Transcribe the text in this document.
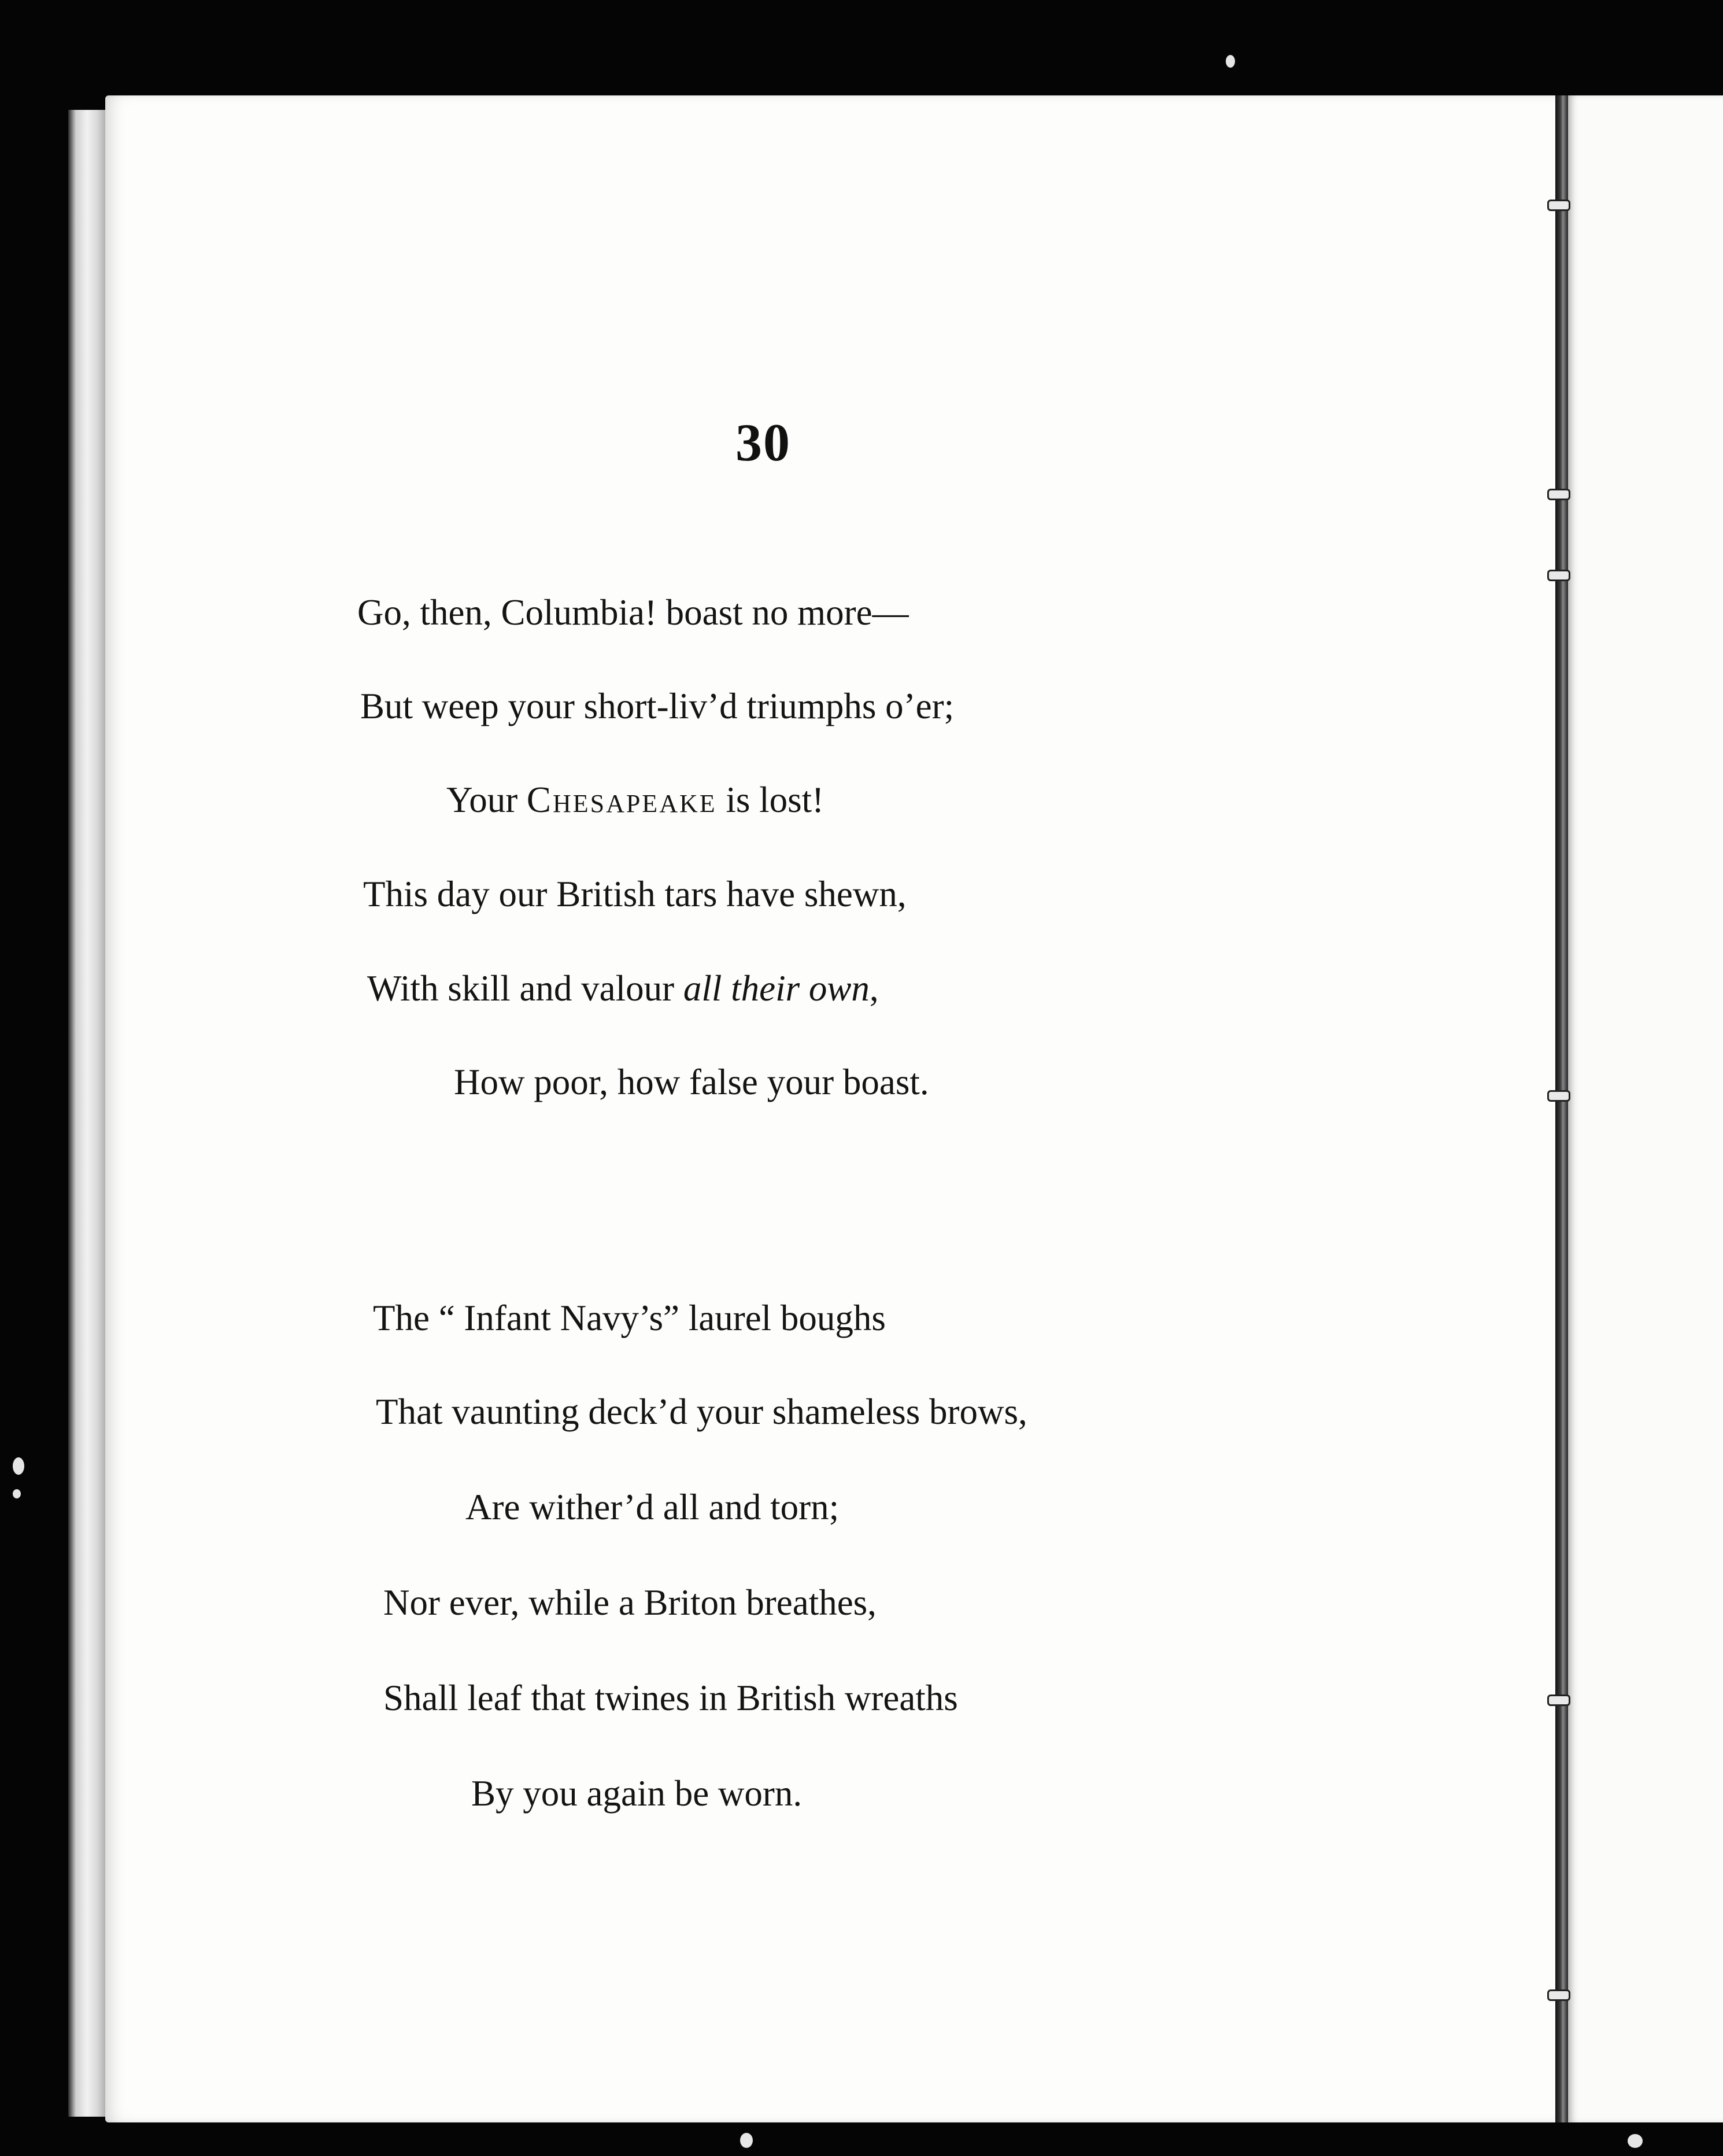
30
Go, then, Columbia! boast no more—
But weep your short-liv’d triumphs o’er;
Your Chesapeake is lost!
This day our British tars have shewn,
With skill and valour all their own,
How poor, how false your boast.
The “ Infant Navy’s” laurel boughs
That vaunting deck’d your shameless brows,
Are wither’d all and torn;
Nor ever, while a Briton breathes,
Shall leaf that twines in British wreaths
By you again be worn.
